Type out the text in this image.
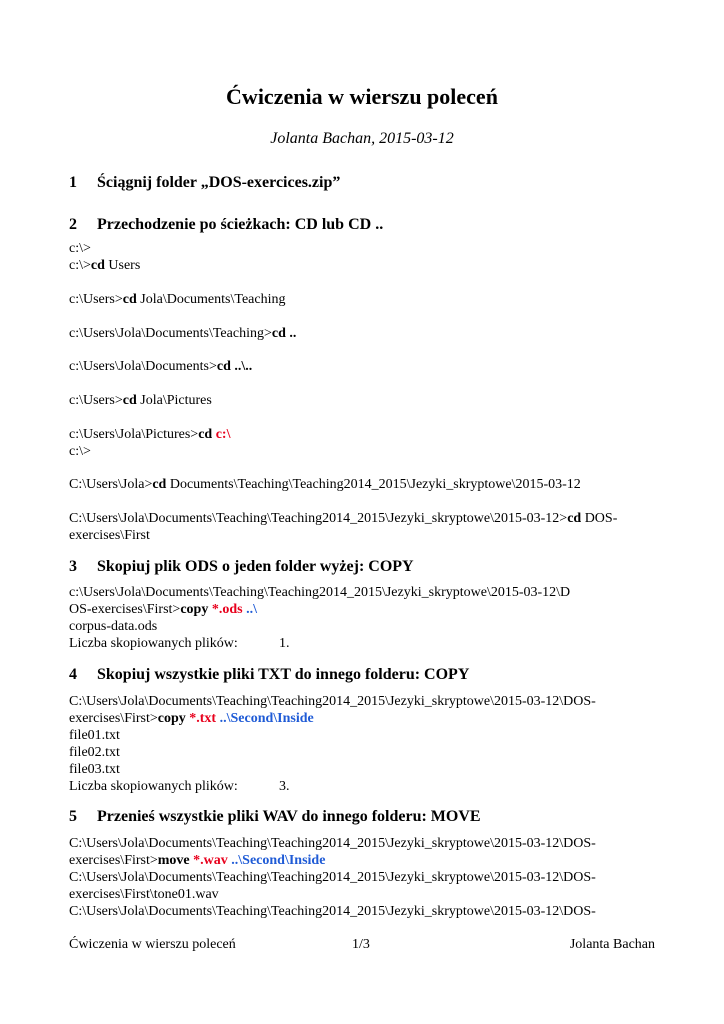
Ćwiczenia w wierszu poleceń
Jolanta Bachan, 2015-03-12
1 Ściągnij folder „DOS-exercices.zip”
2 Przechodzenie po ścieżkach: CD lub CD ..
c:\>
c:\>cd Users
c:\Users>cd Jola\Documents\Teaching
c:\Users\Jola\Documents\Teaching>cd ..
c:\Users\Jola\Documents>cd ..\..
c:\Users>cd Jola\Pictures
c:\Users\Jola\Pictures>cd c:\
c:\>
C:\Users\Jola>cd Documents\Teaching\Teaching2014_2015\Jezyki_skryptowe\2015-03-12
C:\Users\Jola\Documents\Teaching\Teaching2014_2015\Jezyki_skryptowe\2015-03-12>cd DOS-
exercises\First
3 Skopiuj plik ODS o jeden folder wyżej: COPY
c:\Users\Jola\Documents\Teaching\Teaching2014_2015\Jezyki_skryptowe\2015-03-12\D
OS-exercises\First>copy *.ods ..\
corpus-data.ods
Liczba skopiowanych plików:	1.
4 Skopiuj wszystkie pliki TXT do innego folderu: COPY
C:\Users\Jola\Documents\Teaching\Teaching2014_2015\Jezyki_skryptowe\2015-03-12\DOS-
exercises\First>copy *.txt ..\Second\Inside
file01.txt
file02.txt
file03.txt
Liczba skopiowanych plików:	3.
5 Przenieś wszystkie pliki WAV do innego folderu: MOVE
C:\Users\Jola\Documents\Teaching\Teaching2014_2015\Jezyki_skryptowe\2015-03-12\DOS-
exercises\First>move *.wav ..\Second\Inside
C:\Users\Jola\Documents\Teaching\Teaching2014_2015\Jezyki_skryptowe\2015-03-12\DOS-
exercises\First\tone01.wav
C:\Users\Jola\Documents\Teaching\Teaching2014_2015\Jezyki_skryptowe\2015-03-12\DOS-
Ćwiczenia w wierszu poleceń	1/3	Jolanta Bachan
